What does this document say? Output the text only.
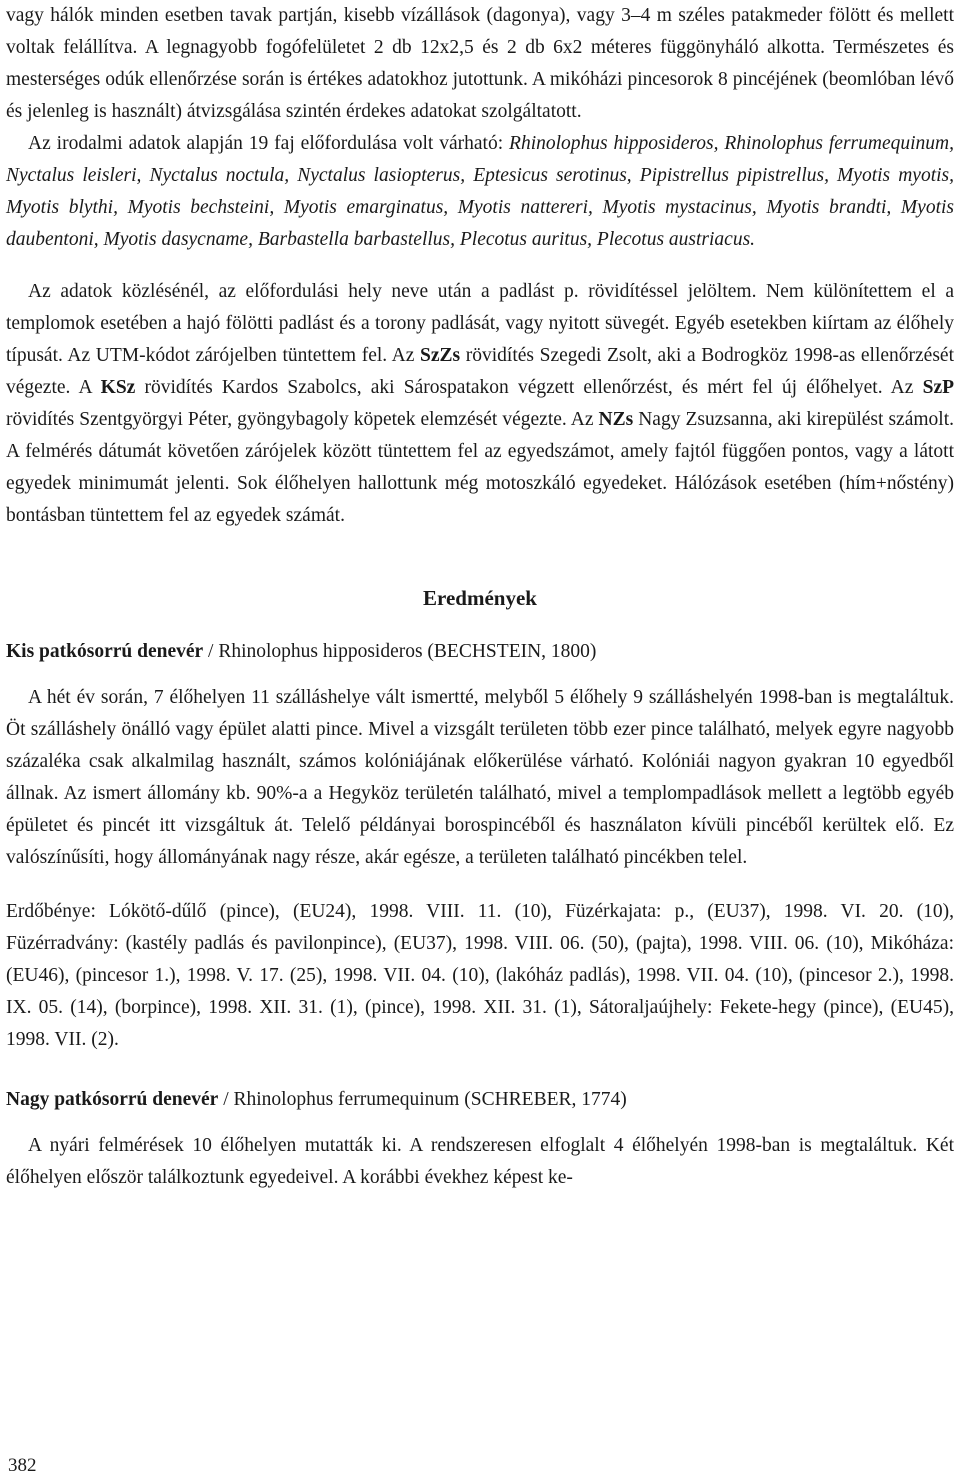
vagy hálók minden esetben tavak partján, kisebb vízállások (dagonya), vagy 3–4 m széles patakmeder fölött és mellett voltak felállítva. A legnagyobb fogófelületet 2 db 12x2,5 és 2 db 6x2 méteres függönyháló alkotta. Természetes és mesterséges odúk ellenőrzése során is értékes adatokhoz jutottunk. A mikóházi pincesorok 8 pincéjének (beomlóban lévő és jelenleg is használt) átvizsgálása szintén érdekes adatokat szolgáltatott.

Az irodalmi adatok alapján 19 faj előfordulása volt várható: Rhinolophus hipposideros, Rhinolophus ferrumequinum, Nyctalus leisleri, Nyctalus noctula, Nyctalus lasiopterus, Eptesicus serotinus, Pipistrellus pipistrellus, Myotis myotis, Myotis blythi, Myotis bechsteini, Myotis emarginatus, Myotis nattereri, Myotis mystacinus, Myotis brandti, Myotis daubentoni, Myotis dasycname, Barbastella barbastellus, Plecotus auritus, Plecotus austriacus.

Az adatok közlésénél, az előfordulási hely neve után a padlást p. rövidítéssel jelöltem. Nem különítettem el a templomok esetében a hajó fölötti padlást és a torony padlását, vagy nyitott süvegét. Egyéb esetekben kiírtam az élőhely típusát. Az UTM-kódot zárójelben tüntettem fel. Az SzZs rövidítés Szegedi Zsolt, aki a Bodrogköz 1998-as ellenőrzését végezte. A KSz rövidítés Kardos Szabolcs, aki Sárospatakon végzett ellenőrzést, és mért fel új élőhelyet. Az SzP rövidítés Szentgyörgyi Péter, gyöngybagoly köpetek elemzését végezte. Az NZs Nagy Zsuzsanna, aki kirepülést számolt. A felmérés dátumát követően zárójelek között tüntettem fel az egyedszámot, amely fajtól függően pontos, vagy a látott egyedek minimumát jelenti. Sok élőhelyen hallottunk még motoszkáló egyedeket. Hálózások esetében (hím+nőstény) bontásban tüntettem fel az egyedek számát.

Eredmények

Kis patkósorrú denevér / Rhinolophus hipposideros (BECHSTEIN, 1800)

A hét év során, 7 élőhelyen 11 szálláshelye vált ismertté, melyből 5 élőhely 9 szálláshelyén 1998-ban is megtaláltuk. Öt szálláshely önálló vagy épület alatti pince. Mivel a vizsgált területen több ezer pince található, melyek egyre nagyobb százaléka csak alkalmilag használt, számos kolóniájának előkerülése várható. Kolóniái nagyon gyakran 10 egyedből állnak. Az ismert állomány kb. 90%-a a Hegyköz területén található, mivel a templompadlások mellett a legtöbb egyéb épületet és pincét itt vizsgáltuk át. Telelő példányai borospincéből és használaton kívüli pincéből kerültek elő. Ez valószínűsíti, hogy állományának nagy része, akár egésze, a területen található pincékben telel.

Erdőbénye: Lókötő-dűlő (pince), (EU24), 1998. VIII. 11. (10), Füzérkajata: p., (EU37), 1998. VI. 20. (10), Füzérradvány: (kastély padlás és pavilonpince), (EU37), 1998. VIII. 06. (50), (pajta), 1998. VIII. 06. (10), Mikóháza: (EU46), (pincesor 1.), 1998. V. 17. (25), 1998. VII. 04. (10), (lakóház padlás), 1998. VII. 04. (10), (pincesor 2.), 1998. IX. 05. (14), (borpince), 1998. XII. 31. (1), (pince), 1998. XII. 31. (1), Sátoraljaújhely: Fekete-hegy (pince), (EU45), 1998. VII. (2).

Nagy patkósorrú denevér / Rhinolophus ferrumequinum (SCHREBER, 1774)

A nyári felmérések 10 élőhelyen mutatták ki. A rendszeresen elfoglalt 4 élőhelyén 1998-ban is megtaláltuk. Két élőhelyen először találkoztunk egyedeivel. A korábbi évekhez képest ke-

382
